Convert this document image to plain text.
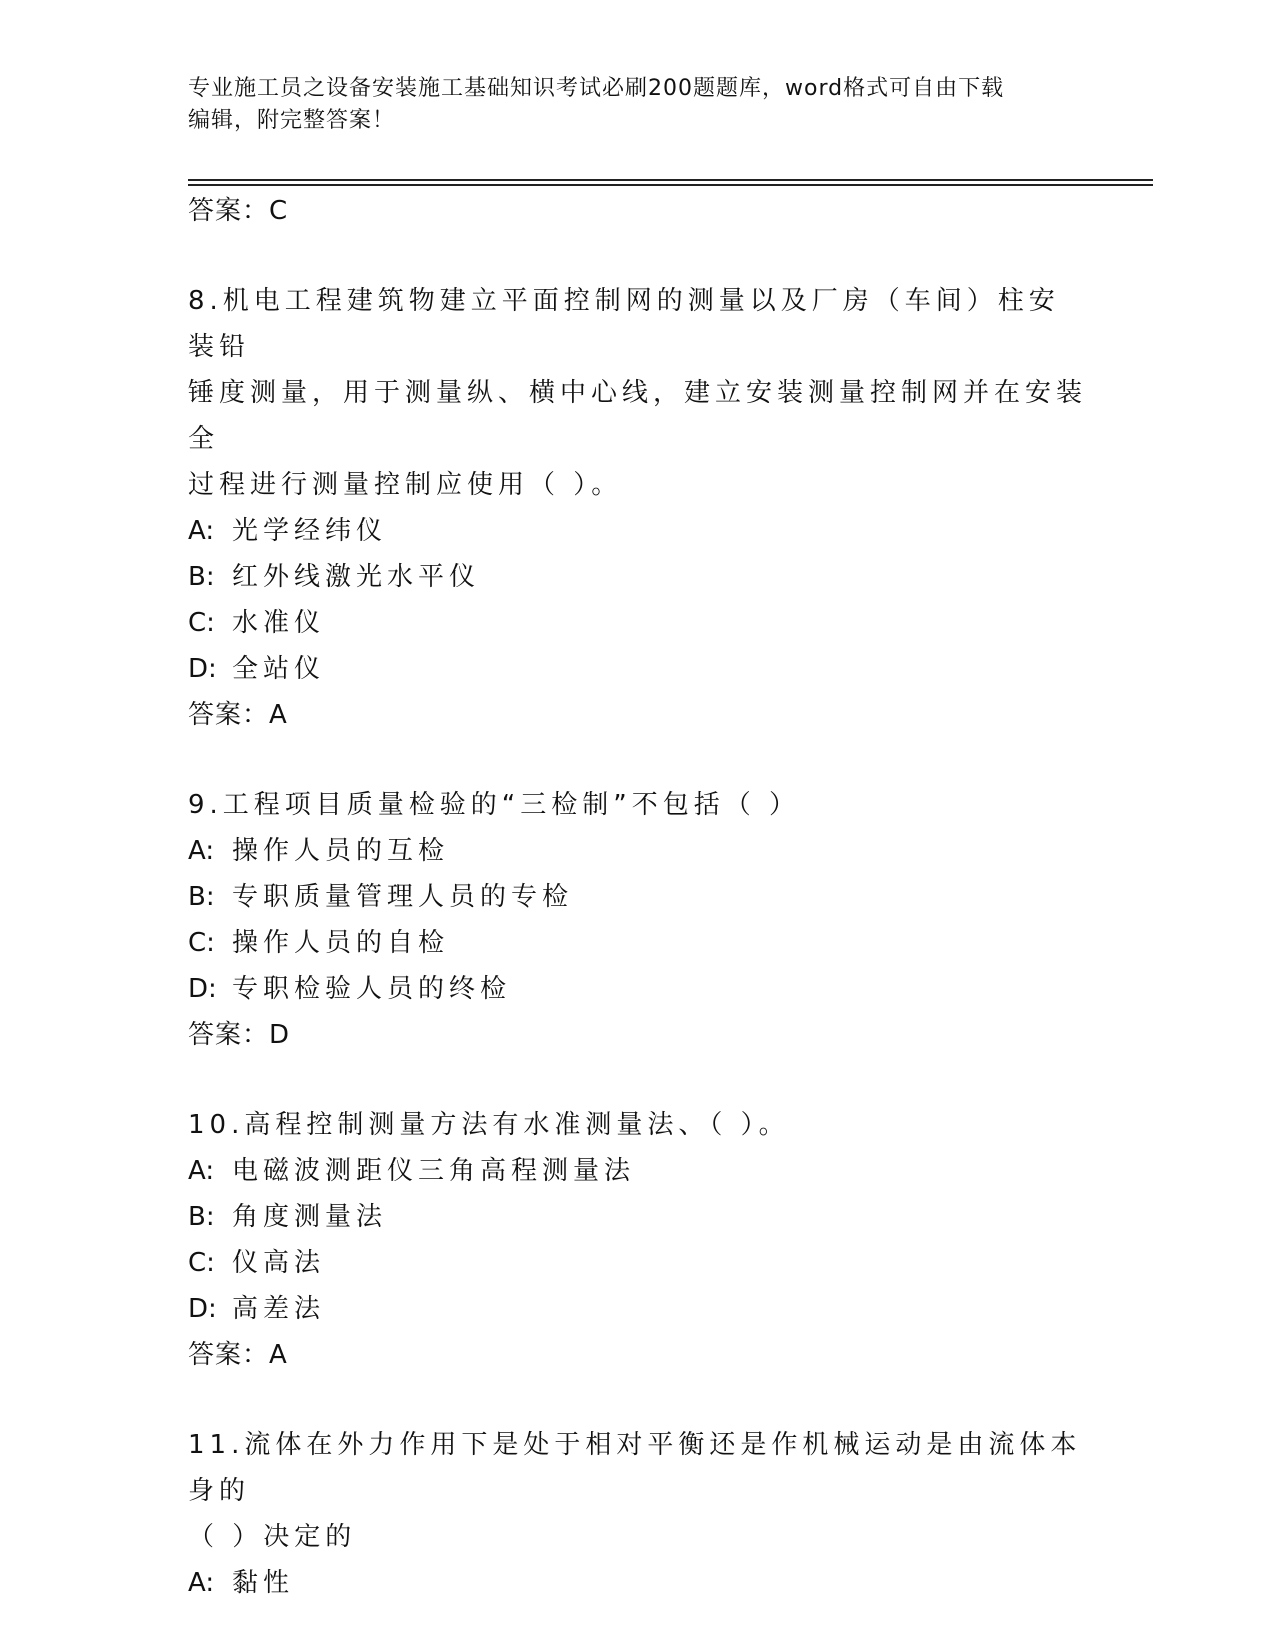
专业施工员之设备安装施工基础知识考试必刷200题题库，word格式可自由下载
编辑，附完整答案！
答案：C
8.机电工程建筑物建立平面控制网的测量以及厂房（车间）柱安装铅
锤度测量，用于测量纵、横中心线，建立安装测量控制网并在安装全
过程进行测量控制应使用（ ）。
A: 光学经纬仪
B: 红外线激光水平仪
C: 水准仪
D: 全站仪
答案：A
9.工程项目质量检验的“三检制”不包括（ ）
A: 操作人员的互检
B: 专职质量管理人员的专检
C: 操作人员的自检
D: 专职检验人员的终检
答案：D
10.高程控制测量方法有水准测量法、（ ）。
A: 电磁波测距仪三角高程测量法
B: 角度测量法
C: 仪高法
D: 高差法
答案：A
11.流体在外力作用下是处于相对平衡还是作机械运动是由流体本身的
（ ）决定的
A: 黏性
